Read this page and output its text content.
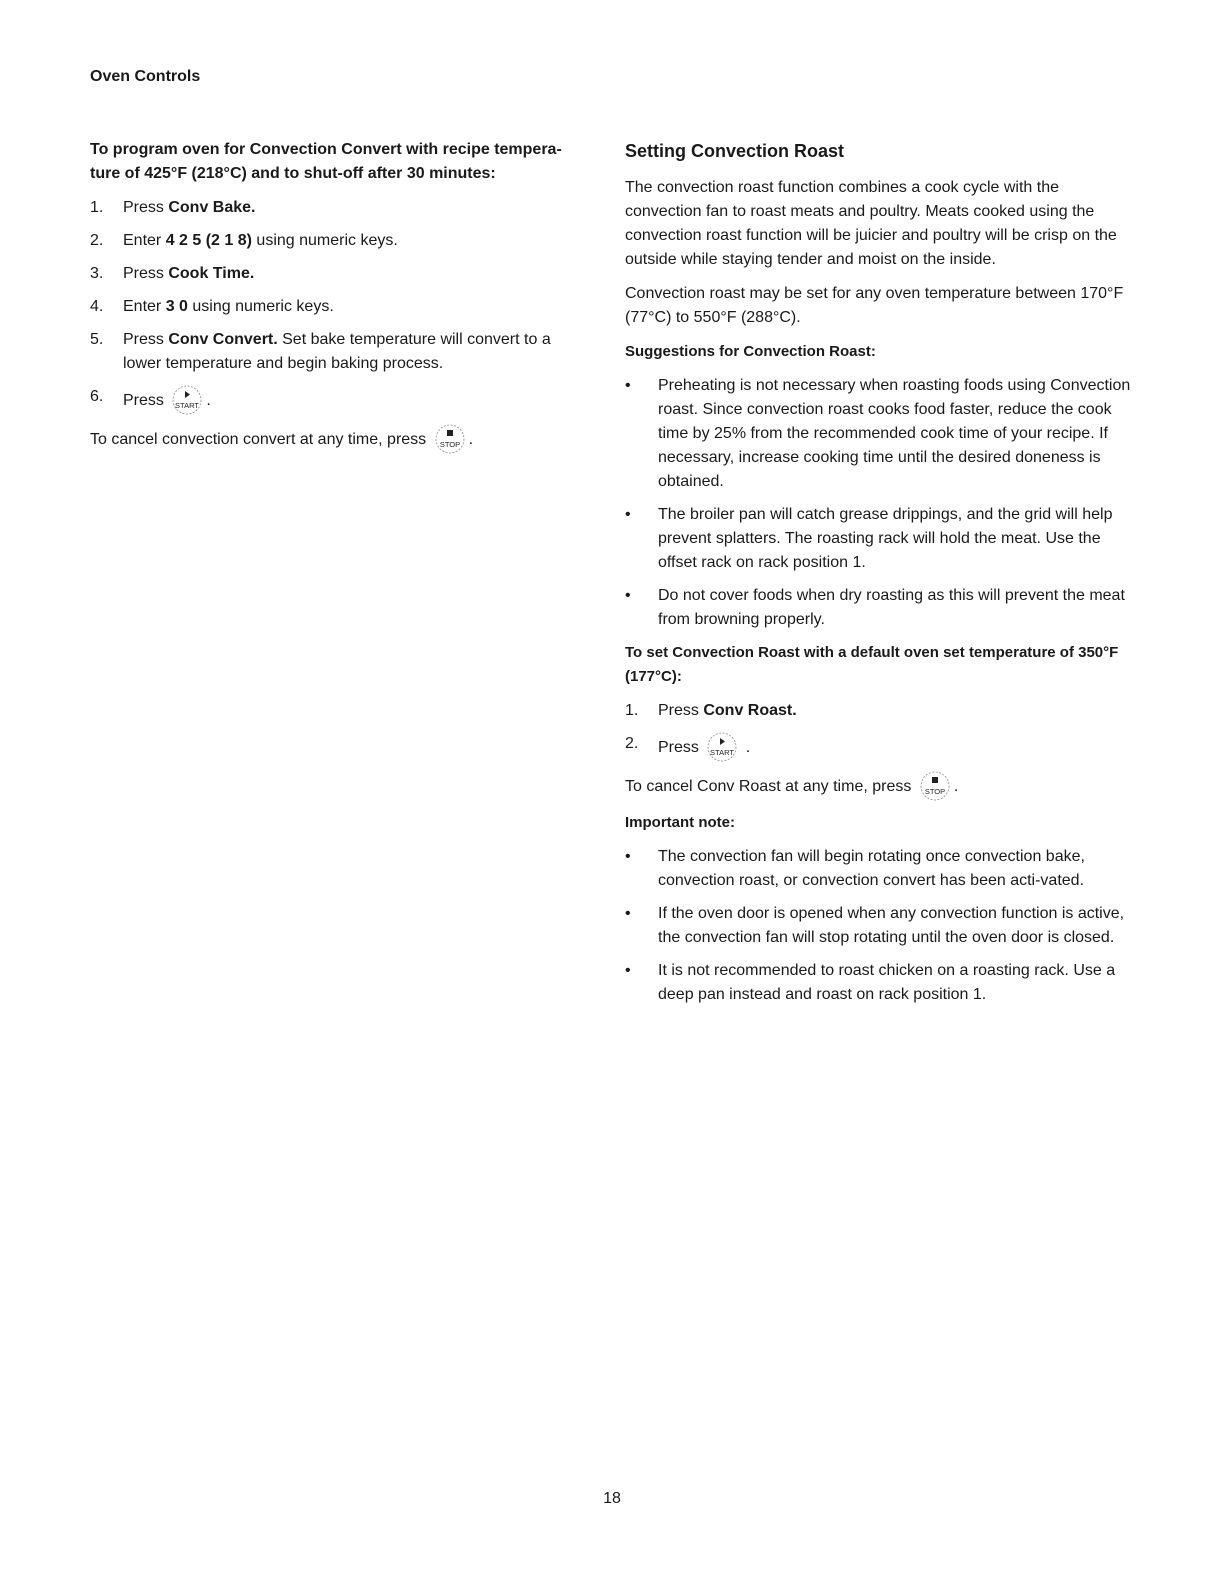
Oven Controls

To program oven for Convection Convert with recipe tempera-ture of 425°F (218°C) and to shut-off after 30 minutes:

1. Press Conv Bake.
2. Enter 4 2 5 (2 1 8) using numeric keys.
3. Press Cook Time.
4. Enter 3 0 using numeric keys.
5. Press Conv Convert. Set bake temperature will convert to a lower temperature and begin baking process.
6. Press START .

To cancel convection convert at any time, press STOP .

Setting Convection Roast

The convection roast function combines a cook cycle with the convection fan to roast meats and poultry. Meats cooked using the convection roast function will be juicier and poultry will be crisp on the outside while staying tender and moist on the inside.

Convection roast may be set for any oven temperature between 170°F (77°C) to 550°F (288°C).

Suggestions for Convection Roast:

• Preheating is not necessary when roasting foods using Convection roast. Since convection roast cooks food faster, reduce the cook time by 25% from the recommended cook time of your recipe. If necessary, increase cooking time until the desired doneness is obtained.
• The broiler pan will catch grease drippings, and the grid will help prevent splatters. The roasting rack will hold the meat. Use the offset rack on rack position 1.
• Do not cover foods when dry roasting as this will prevent the meat from browning properly.

To set Convection Roast with a default oven set temperature of 350°F (177°C):

1. Press Conv Roast.
2. Press START .

To cancel Conv Roast at any time, press STOP .

Important note:

• The convection fan will begin rotating once convection bake, convection roast, or convection convert has been acti-vated.
• If the oven door is opened when any convection function is active, the convection fan will stop rotating until the oven door is closed.
• It is not recommended to roast chicken on a roasting rack. Use a deep pan instead and roast on rack position 1.
18
